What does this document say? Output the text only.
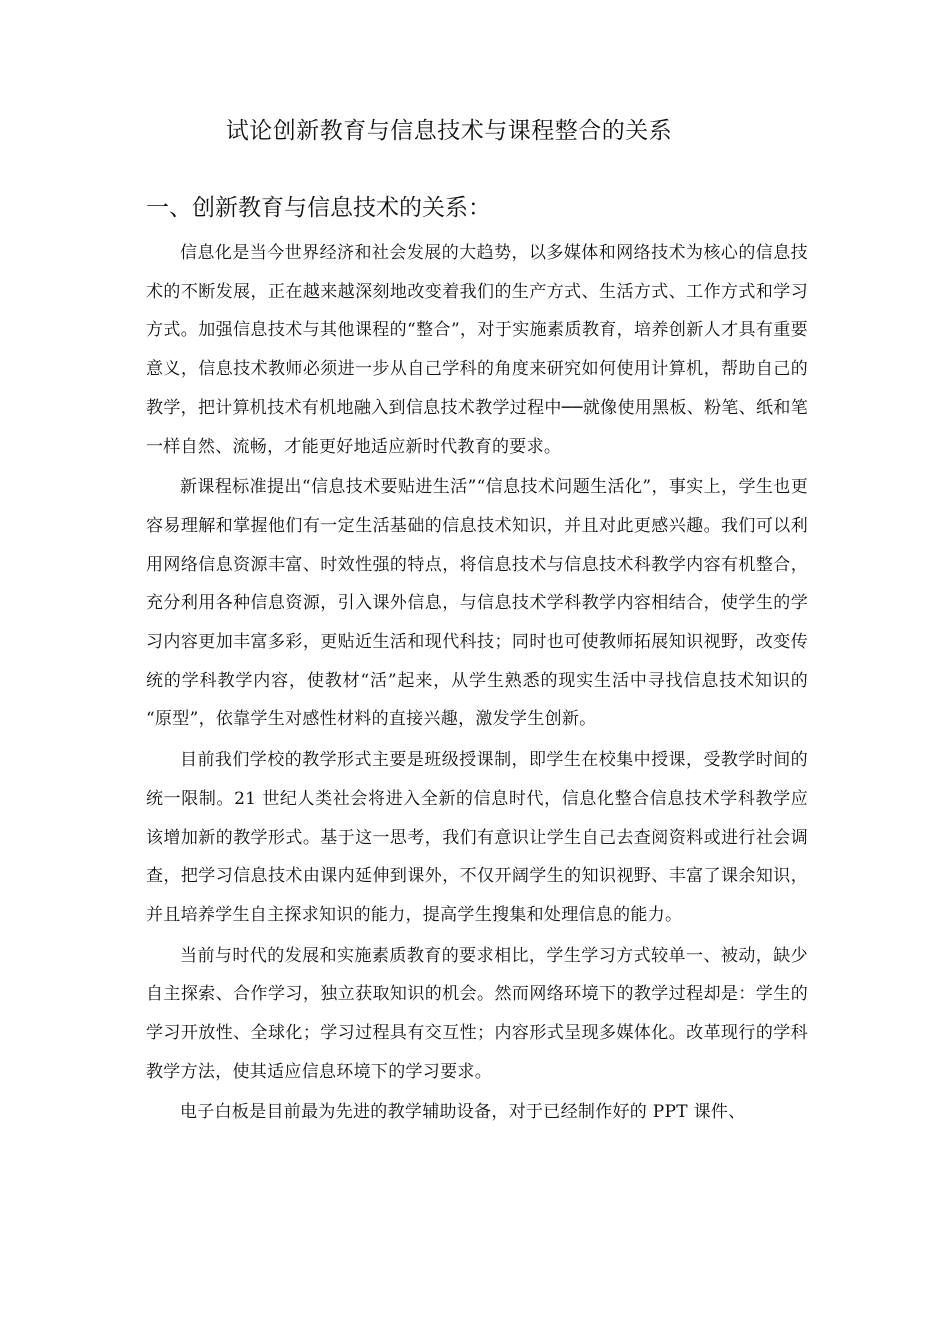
试论创新教育与信息技术与课程整合的关系
一、创新教育与信息技术的关系：

信息化是当今世界经济和社会发展的大趋势，以多媒体和网络技术为核心的信息技术的不断发展，正在越来越深刻地改变着我们的生产方式、生活方式、工作方式和学习方式。加强信息技术与其他课程的“整合”，对于实施素质教育，培养创新人才具有重要意义，信息技术教师必须进一步从自己学科的角度来研究如何使用计算机，帮助自己的教学，把计算机技术有机地融入到信息技术教学过程中──就像使用黑板、粉笔、纸和笔一样自然、流畅，才能更好地适应新时代教育的要求。

新课程标准提出“信息技术要贴进生活”“信息技术问题生活化”，事实上，学生也更容易理解和掌握他们有一定生活基础的信息技术知识，并且对此更感兴趣。我们可以利用网络信息资源丰富、时效性强的特点，将信息技术与信息技术科教学内容有机整合，充分利用各种信息资源，引入课外信息，与信息技术学科教学内容相结合，使学生的学习内容更加丰富多彩，更贴近生活和现代科技；同时也可使教师拓展知识视野，改变传统的学科教学内容，使教材“活”起来，从学生熟悉的现实生活中寻找信息技术知识的 “原型”，依靠学生对感性材料的直接兴趣，激发学生创新。

目前我们学校的教学形式主要是班级授课制，即学生在校集中授课，受教学时间的统一限制。21 世纪人类社会将进入全新的信息时代，信息化整合信息技术学科教学应该增加新的教学形式。基于这一思考，我们有意识让学生自己去查阅资料或进行社会调查，把学习信息技术由课内延伸到课外，不仅开阔学生的知识视野、丰富了课余知识，并且培养学生自主探求知识的能力，提高学生搜集和处理信息的能力。

当前与时代的发展和实施素质教育的要求相比，学生学习方式较单一、被动，缺少自主探索、合作学习，独立获取知识的机会。然而网络环境下的教学过程却是：学生的学习开放性、全球化；学习过程具有交互性；内容形式呈现多媒体化。改革现行的学科教学方法，使其适应信息环境下的学习要求。

电子白板是目前最为先进的教学辅助设备，对于已经制作好的 PPT 课件、
